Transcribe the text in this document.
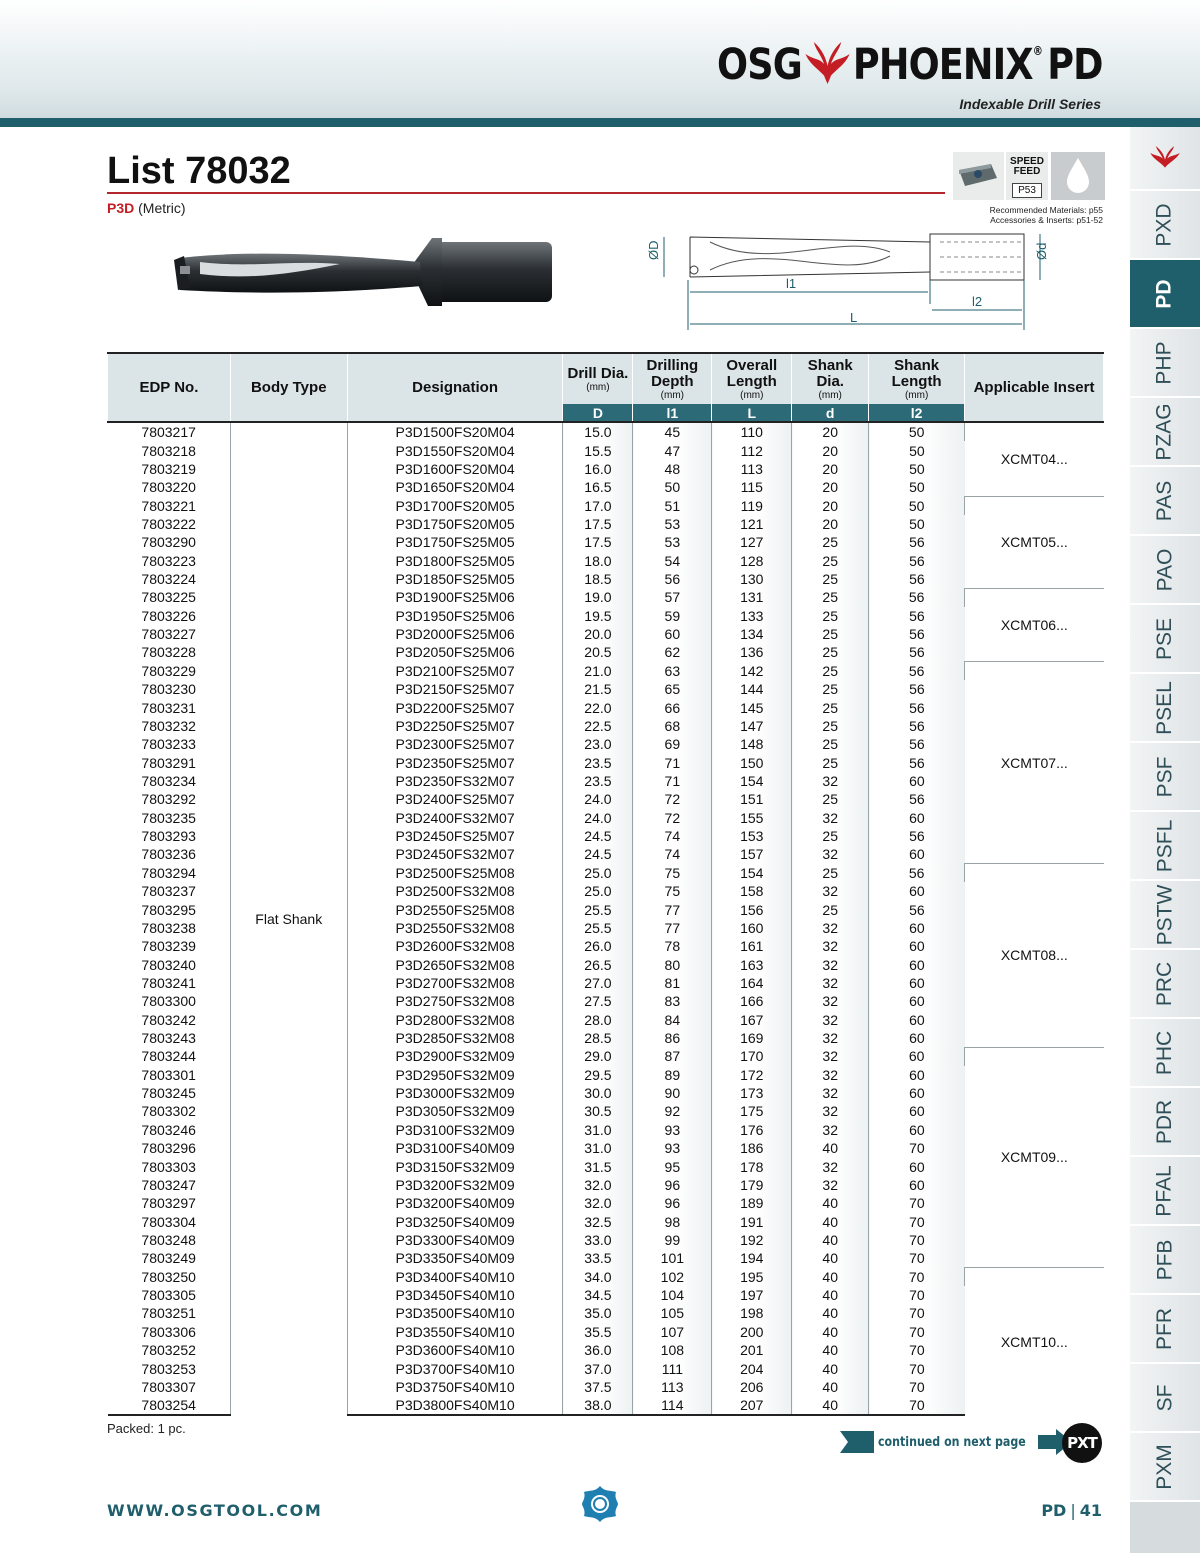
OSG PHOENIX® PD
Indexable Drill Series
PXD
PD
PHP
PZAG
PAS
PAO
PSE
PSEL
PSF
PSFL
PSTW
PRC
PHC
PDR
PFAL
PFB
PFR
SF
PXM
List 78032
P3D (Metric)
SPEED
FEED
P53
Recommended Materials: p55
Accessories & Inserts: p51-52
ØD	Ød
l1
l2
L
EDP No.	Body Type	Designation	Drill Dia.
(mm)	Drilling Depth
(mm)	Overall Length
(mm)	Shank Dia.
(mm)	Shank Length
(mm)	Applicable Insert
			D	l1	L	d	l2	
7803217	Flat Shank	P3D1500FS20M04	15.0	45	110	20	50	XCMT04...
7803218		P3D1550FS20M04	15.5	47	112	20	50	
7803219		P3D1600FS20M04	16.0	48	113	20	50	
7803220		P3D1650FS20M04	16.5	50	115	20	50	
7803221		P3D1700FS20M05	17.0	51	119	20	50	XCMT05...
7803222		P3D1750FS20M05	17.5	53	121	20	50	
7803290		P3D1750FS25M05	17.5	53	127	25	56	
7803223		P3D1800FS25M05	18.0	54	128	25	56	
7803224		P3D1850FS25M05	18.5	56	130	25	56	
7803225		P3D1900FS25M06	19.0	57	131	25	56	XCMT06...
7803226		P3D1950FS25M06	19.5	59	133	25	56	
7803227		P3D2000FS25M06	20.0	60	134	25	56	
7803228		P3D2050FS25M06	20.5	62	136	25	56	
7803229		P3D2100FS25M07	21.0	63	142	25	56	XCMT07...
7803230		P3D2150FS25M07	21.5	65	144	25	56	
7803231		P3D2200FS25M07	22.0	66	145	25	56	
7803232		P3D2250FS25M07	22.5	68	147	25	56	
7803233		P3D2300FS25M07	23.0	69	148	25	56	
7803291		P3D2350FS25M07	23.5	71	150	25	56	
7803234		P3D2350FS32M07	23.5	71	154	32	60	
7803292		P3D2400FS25M07	24.0	72	151	25	56	
7803235		P3D2400FS32M07	24.0	72	155	32	60	
7803293		P3D2450FS25M07	24.5	74	153	25	56	
7803236		P3D2450FS32M07	24.5	74	157	32	60	
7803294		P3D2500FS25M08	25.0	75	154	25	56	XCMT08...
7803237		P3D2500FS32M08	25.0	75	158	32	60	
7803295		P3D2550FS25M08	25.5	77	156	25	56	
7803238		P3D2550FS32M08	25.5	77	160	32	60	
7803239		P3D2600FS32M08	26.0	78	161	32	60	
7803240		P3D2650FS32M08	26.5	80	163	32	60	
7803241		P3D2700FS32M08	27.0	81	164	32	60	
7803300		P3D2750FS32M08	27.5	83	166	32	60	
7803242		P3D2800FS32M08	28.0	84	167	32	60	
7803243		P3D2850FS32M08	28.5	86	169	32	60	
7803244		P3D2900FS32M09	29.0	87	170	32	60	XCMT09...
7803301		P3D2950FS32M09	29.5	89	172	32	60	
7803245		P3D3000FS32M09	30.0	90	173	32	60	
7803302		P3D3050FS32M09	30.5	92	175	32	60	
7803246		P3D3100FS32M09	31.0	93	176	32	60	
7803296		P3D3100FS40M09	31.0	93	186	40	70	
7803303		P3D3150FS32M09	31.5	95	178	32	60	
7803247		P3D3200FS32M09	32.0	96	179	32	60	
7803297		P3D3200FS40M09	32.0	96	189	40	70	
7803304		P3D3250FS40M09	32.5	98	191	40	70	
7803248		P3D3300FS40M09	33.0	99	192	40	70	
7803249		P3D3350FS40M09	33.5	101	194	40	70	
7803250		P3D3400FS40M10	34.0	102	195	40	70	XCMT10...
7803305		P3D3450FS40M10	34.5	104	197	40	70	
7803251		P3D3500FS40M10	35.0	105	198	40	70	
7803306		P3D3550FS40M10	35.5	107	200	40	70	
7803252		P3D3600FS40M10	36.0	108	201	40	70	
7803253		P3D3700FS40M10	37.0	111	204	40	70	
7803307		P3D3750FS40M10	37.5	113	206	40	70	
7803254		P3D3800FS40M10	38.0	114	207	40	70	
Packed: 1 pc.
continued on next page	PXT
WWW.OSGTOOL.COM	PD | 41
